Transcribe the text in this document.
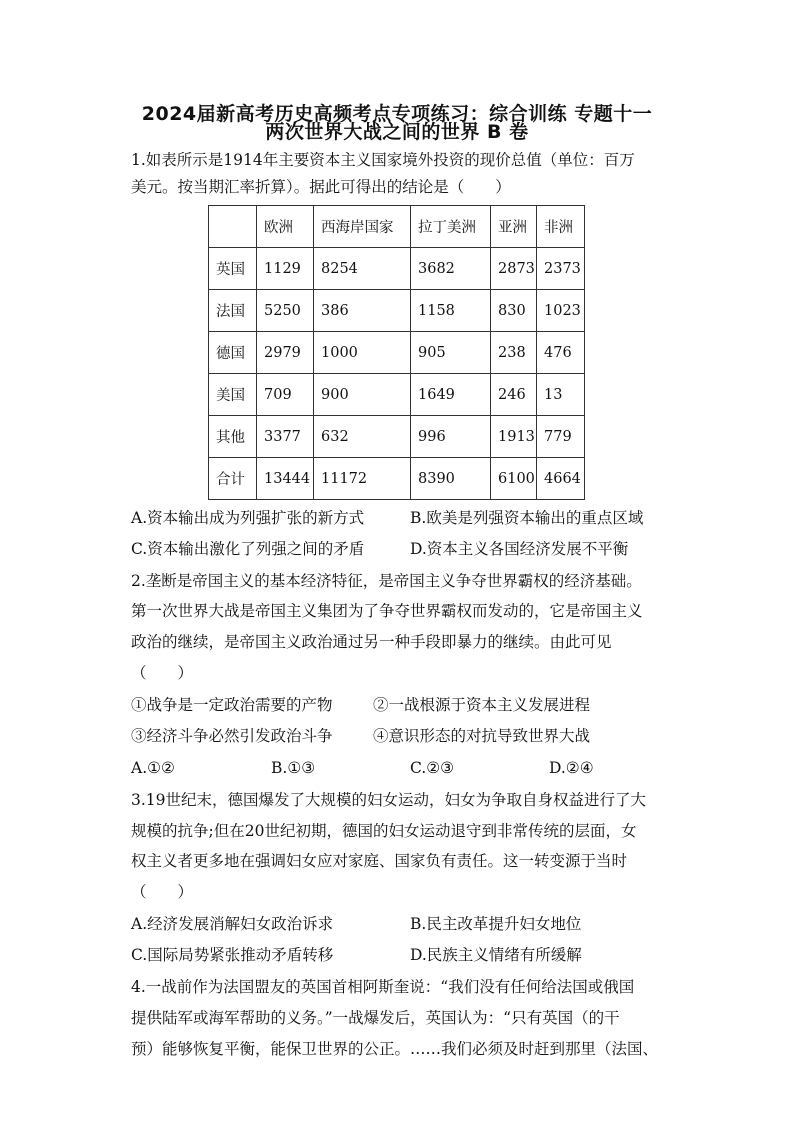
2024届新高考历史高频考点专项练习：综合训练 专题十一
两次世界大战之间的世界 B 卷
1.如表所示是1914年主要资本主义国家境外投资的现价总值（单位：百万
美元。按当期汇率折算）。据此可得出的结论是（　　）
	欧洲	西海岸国家	拉丁美洲	亚洲	非洲
英国	1129	8254	3682	2873	2373
法国	5250	386	1158	830	1023
德国	2979	1000	905	238	476
美国	709	900	1649	246	13
其他	3377	632	996	1913	779
合计	13444	11172	8390	6100	4664
A.资本输出成为列强扩张的新方式	B.欧美是列强资本输出的重点区域
C.资本输出激化了列强之间的矛盾	D.资本主义各国经济发展不平衡
2.垄断是帝国主义的基本经济特征，是帝国主义争夺世界霸权的经济基础。
第一次世界大战是帝国主义集团为了争夺世界霸权而发动的，它是帝国主义
政治的继续，是帝国主义政治通过另一种手段即暴力的继续。由此可见
（　　）
①战争是一定政治需要的产物	②一战根源于资本主义发展进程
③经济斗争必然引发政治斗争	④意识形态的对抗导致世界大战
A.①②	B.①③	C.②③	D.②④
3.19世纪末，德国爆发了大规模的妇女运动，妇女为争取自身权益进行了大
规模的抗争;但在20世纪初期，德国的妇女运动退守到非常传统的层面，女
权主义者更多地在强调妇女应对家庭、国家负有责任。这一转变源于当时
（　　）
A.经济发展消解妇女政治诉求	B.民主改革提升妇女地位
C.国际局势紧张推动矛盾转移	D.民族主义情绪有所缓解
4.一战前作为法国盟友的英国首相阿斯奎说：“我们没有任何给法国或俄国
提供陆军或海军帮助的义务。”一战爆发后，英国认为：“只有英国（的干
预）能够恢复平衡，能保卫世界的公正。……我们必须及时赶到那里（法国、
